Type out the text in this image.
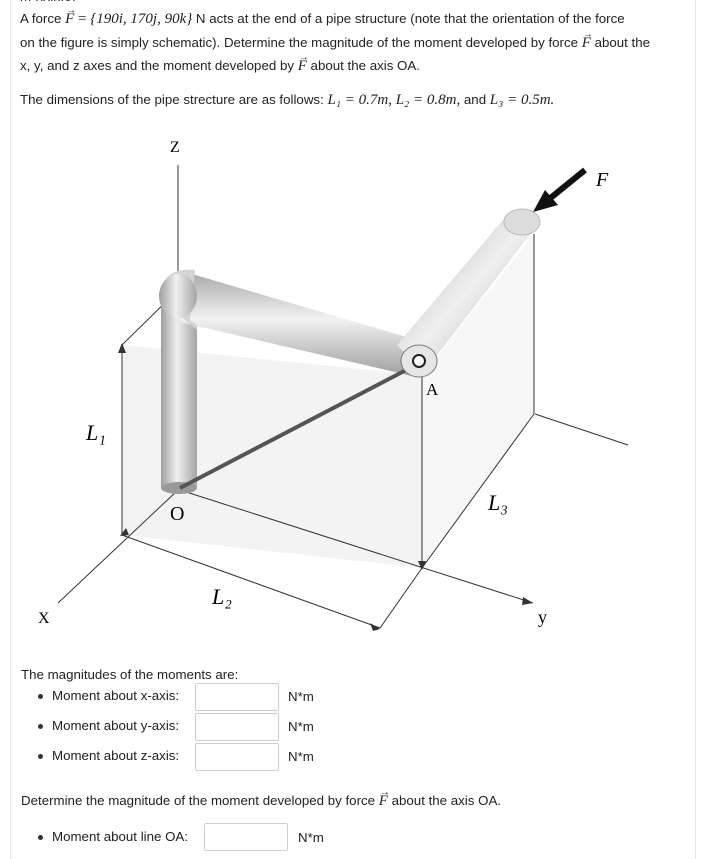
A force → F = {190i, 170j, 90k} N acts at the end of a pipe structure (note that the orientation of the force

on the figure is simply schematic). Determine the magnitude of the moment developed by force → F about the

x, y, and z axes and the moment developed by → F about the axis OA.

The dimensions of the pipe strecture are as follows: L₁ = 0.7m, L₂ = 0.8m, and L₃ = 0.5m.

Z
F
L₁
O
A
L₃
L₂
X	y

The magnitudes of the moments are:

Moment about x-axis:
Moment about y-axis:
Moment about z-axis:
N*m
N*m
N*m

Determine the magnitude of the moment developed by force → F about the axis OA.

Moment about line OA:	N*m
